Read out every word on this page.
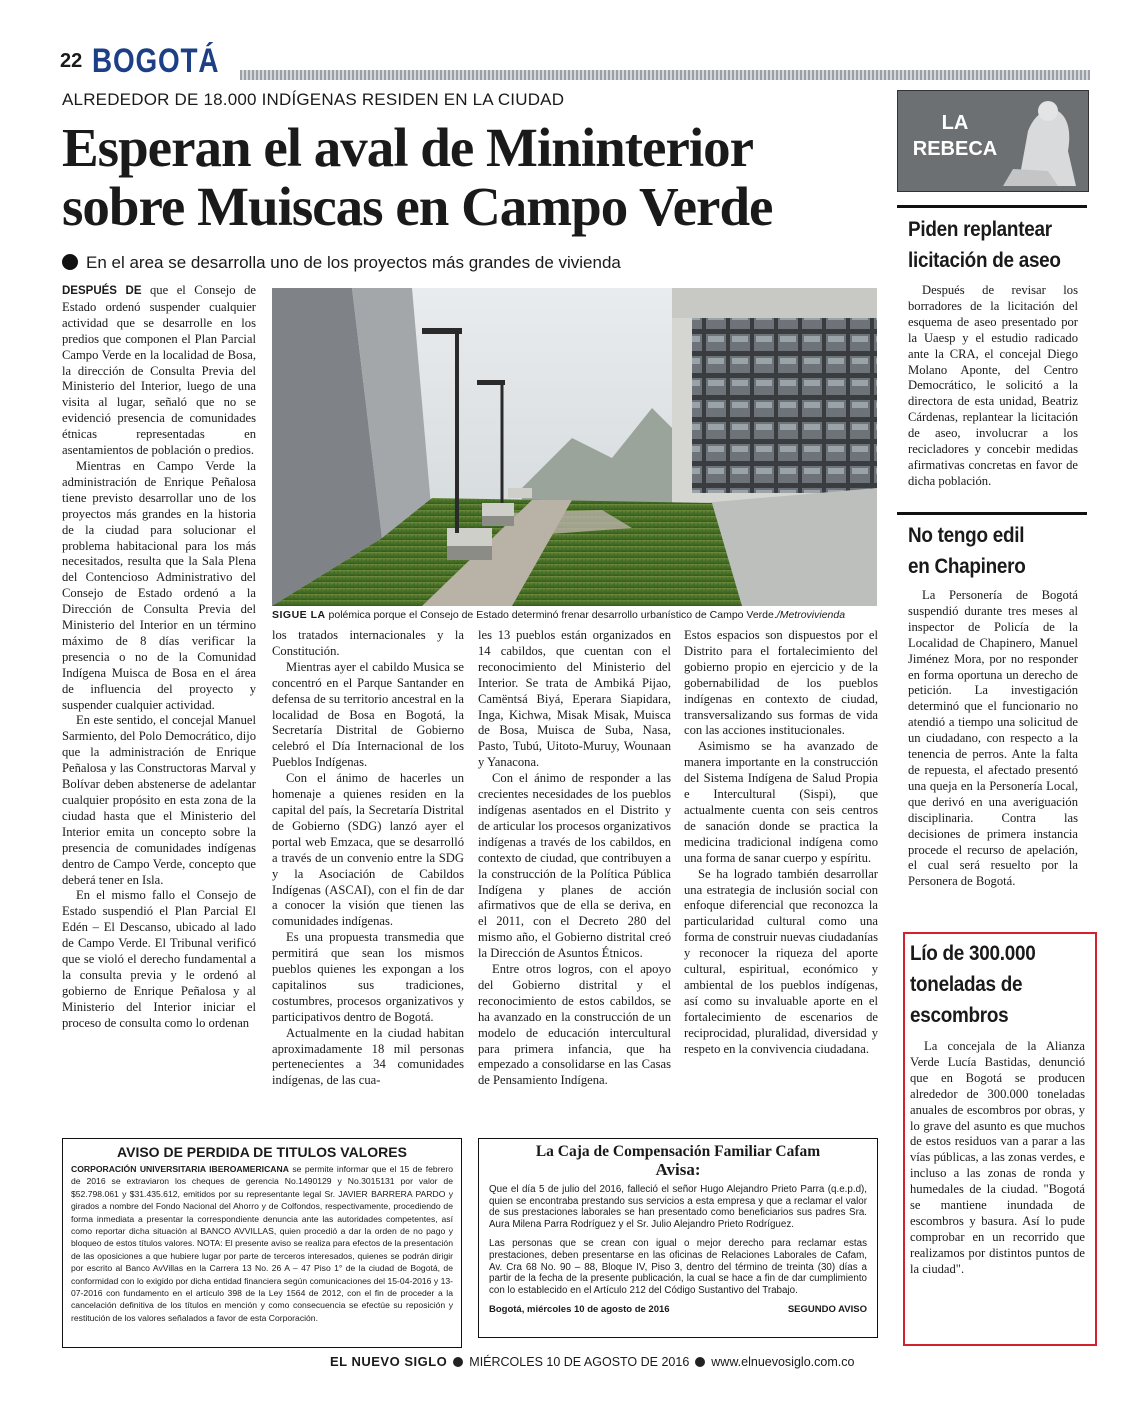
22 BOGOTÁ
ALREDEDOR DE 18.000 INDÍGENAS RESIDEN EN LA CIUDAD
Esperan el aval de Mininterior
sobre Muiscas en Campo Verde
En el area se desarrolla uno de los proyectos más grandes de vivienda

DESPUÉS DE que el Consejo de Estado ordenó suspender cualquier actividad que se desarrolle en los predios que componen el Plan Parcial Campo Verde en la localidad de Bosa, la dirección de Consulta Previa del Ministerio del Interior, luego de una visita al lugar, señaló que no se evidenció presencia de comunidades étnicas representadas en asentamientos de población o predios.

Mientras en Campo Verde la administración de Enrique Peñalosa tiene previsto desarrollar uno de los proyectos más grandes en la historia de la ciudad para solucionar el problema habitacional para los más necesitados, resulta que la Sala Plena del Contencioso Administrativo del Consejo de Estado ordenó a la Dirección de Consulta Previa del Ministerio del Interior en un término máximo de 8 días verificar la presencia o no de la Comunidad Indígena Muisca de Bosa en el área de influencia del proyecto y suspender cualquier actividad.

En este sentido, el concejal Manuel Sarmiento, del Polo Democrático, dijo que la administración de Enrique Peñalosa y las Constructoras Marval y Bolívar deben abstenerse de adelantar cualquier propósito en esta zona de la ciudad hasta que el Ministerio del Interior emita un concepto sobre la presencia de comunidades indígenas dentro de Campo Verde, concepto que deberá tener en Isla.

En el mismo fallo el Consejo de Estado suspendió el Plan Parcial El Edén – El Descanso, ubicado al lado de Campo Verde. El Tribunal verificó que se violó el derecho fundamental a la consulta previa y le ordenó al gobierno de Enrique Peñalosa y al Ministerio del Interior iniciar el proceso de consulta como lo ordenan

SIGUE LA polémica porque el Consejo de Estado determinó frenar desarrollo urbanístico de Campo Verde./Metrovivienda

los tratados internacionales y la Constitución.

Mientras ayer el cabildo Musica se concentró en el Parque Santander en defensa de su territorio ancestral en la localidad de Bosa en Bogotá, la Secretaría Distrital de Gobierno celebró el Día Internacional de los Pueblos Indígenas.

Con el ánimo de hacerles un homenaje a quienes residen en la capital del país, la Secretaría Distrital de Gobierno (SDG) lanzó ayer el portal web Emzaca, que se desarrolló a través de un convenio entre la SDG y la Asociación de Cabildos Indígenas (ASCAI), con el fin de dar a conocer la visión que tienen las comunidades indígenas.

Es una propuesta transmedia que permitirá que sean los mismos pueblos quienes les expongan a los capitalinos sus tradiciones, costumbres, procesos organizativos y participativos dentro de Bogotá.

Actualmente en la ciudad habitan aproximadamente 18 mil personas pertenecientes a 34 comunidades indígenas, de las cua-

les 13 pueblos están organizados en 14 cabildos, que cuentan con el reconocimiento del Ministerio del Interior. Se trata de Ambiká Pijao, Camëntsá Biyá, Eperara Siapidara, Inga, Kichwa, Misak Misak, Muisca de Bosa, Muisca de Suba, Nasa, Pasto, Tubú, Uitoto-Muruy, Wounaan y Yanacona.

Con el ánimo de responder a las crecientes necesidades de los pueblos indígenas asentados en el Distrito y de articular los procesos organizativos indígenas a través de los cabildos, en contexto de ciudad, que contribuyen a la construcción de la Política Pública Indígena y planes de acción afirmativos que de ella se deriva, en el 2011, con el Decreto 280 del mismo año, el Gobierno distrital creó la Dirección de Asuntos Étnicos.

Entre otros logros, con el apoyo del Gobierno distrital y el reconocimiento de estos cabildos, se ha avanzado en la construcción de un modelo de educación intercultural para primera infancia, que ha empezado a consolidarse en las Casas de Pensamiento Indígena.

Estos espacios son dispuestos por el Distrito para el fortalecimiento del gobierno propio en ejercicio y de la gobernabilidad de los pueblos indígenas en contexto de ciudad, transversalizando sus formas de vida con las acciones institucionales.

Asimismo se ha avanzado de manera importante en la construcción del Sistema Indígena de Salud Propia e Intercultural (Sispi), que actualmente cuenta con seis centros de sanación donde se practica la medicina tradicional indígena como una forma de sanar cuerpo y espíritu.

Se ha logrado también desarrollar una estrategia de inclusión social con enfoque diferencial que reconozca la particularidad cultural como una forma de construir nuevas ciudadanías y reconocer la riqueza del aporte cultural, espiritual, económico y ambiental de los pueblos indígenas, así como su invaluable aporte en el fortalecimiento de escenarios de reciprocidad, pluralidad, diversidad y respeto en la convivencia ciudadana.

LA
REBECA
Piden replantear
licitación de aseo

Después de revisar los borradores de la licitación del esquema de aseo presentado por la Uaesp y el estudio radicado ante la CRA, el concejal Diego Molano Aponte, del Centro Democrático, le solicitó a la directora de esta unidad, Beatriz Cárdenas, replantear la licitación de aseo, involucrar a los recicladores y concebir medidas afirmativas concretas en favor de dicha población.

No tengo edil
en Chapinero

La Personería de Bogotá suspendió durante tres meses al inspector de Policía de la Localidad de Chapinero, Manuel Jiménez Mora, por no responder en forma oportuna un derecho de petición. La investigación determinó que el funcionario no atendió a tiempo una solicitud de un ciudadano, con respecto a la tenencia de perros. Ante la falta de repuesta, el afectado presentó una queja en la Personería Local, que derivó en una averiguación disciplinaria. Contra las decisiones de primera instancia procede el recurso de apelación, el cual será resuelto por la Personera de Bogotá.

Lío de 300.000
toneladas de
escombros

La concejala de la Alianza Verde Lucía Bastidas, denunció que en Bogotá se producen alrededor de 300.000 toneladas anuales de escombros por obras, y lo grave del asunto es que muchos de estos residuos van a parar a las vías públicas, a las zonas verdes, e incluso a las zonas de ronda y humedales de la ciudad. "Bogotá se mantiene inundada de escombros y basura. Así lo pude comprobar en un recorrido que realizamos por distintos puntos de la ciudad".

AVISO DE PERDIDA DE TITULOS VALORES
CORPORACIÓN UNIVERSITARIA IBEROAMERICANA se permite informar que el 15 de febrero de 2016 se extraviaron los cheques de gerencia No.1490129 y No.3015131 por valor de $52.798.061 y $31.435.612, emitidos por su representante legal Sr. JAVIER BARRERA PARDO y girados a nombre del Fondo Nacional del Ahorro y de Colfondos, respectivamente, procediendo de forma inmediata a presentar la correspondiente denuncia ante las autoridades competentes, así como reportar dicha situación al BANCO AVVILLAS, quien procedió a dar la orden de no pago y bloqueo de estos títulos valores. NOTA: El presente aviso se realiza para efectos de la presentación de las oposiciones a que hubiere lugar por parte de terceros interesados, quienes se podrán dirigir por escrito al Banco AvVillas en la Carrera 13 No. 26 A – 47 Piso 1° de la ciudad de Bogotá, de conformidad con lo exigido por dicha entidad financiera según comunicaciones del 15-04-2016 y 13-07-2016 con fundamento en el artículo 398 de la Ley 1564 de 2012, con el fin de proceder a la cancelación definitiva de los títulos en mención y como consecuencia se efectúe su reposición y restitución de los valores señalados a favor de esta Corporación.
La Caja de Compensación Familiar Cafam
Avisa:
Que el día 5 de julio del 2016, falleció el señor Hugo Alejandro Prieto Parra (q.e.p.d), quien se encontraba prestando sus servicios a esta empresa y que a reclamar el valor de sus prestaciones laborales se han presentado como beneficiarios sus padres Sra. Aura Milena Parra Rodríguez y el Sr. Julio Alejandro Prieto Rodríguez.
Las personas que se crean con igual o mejor derecho para reclamar estas prestaciones, deben presentarse en las oficinas de Relaciones Laborales de Cafam, Av. Cra 68 No. 90 – 88, Bloque IV, Piso 3, dentro del término de treinta (30) días a partir de la fecha de la presente publicación, la cual se hace a fin de dar cumplimiento con lo establecido en el Artículo 212 del Código Sustantivo del Trabajo.
Bogotá, miércoles 10 de agosto de 2016	SEGUNDO AVISO
EL NUEVO SIGLO MIÉRCOLES 10 DE AGOSTO DE 2016 www.elnuevosiglo.com.co
